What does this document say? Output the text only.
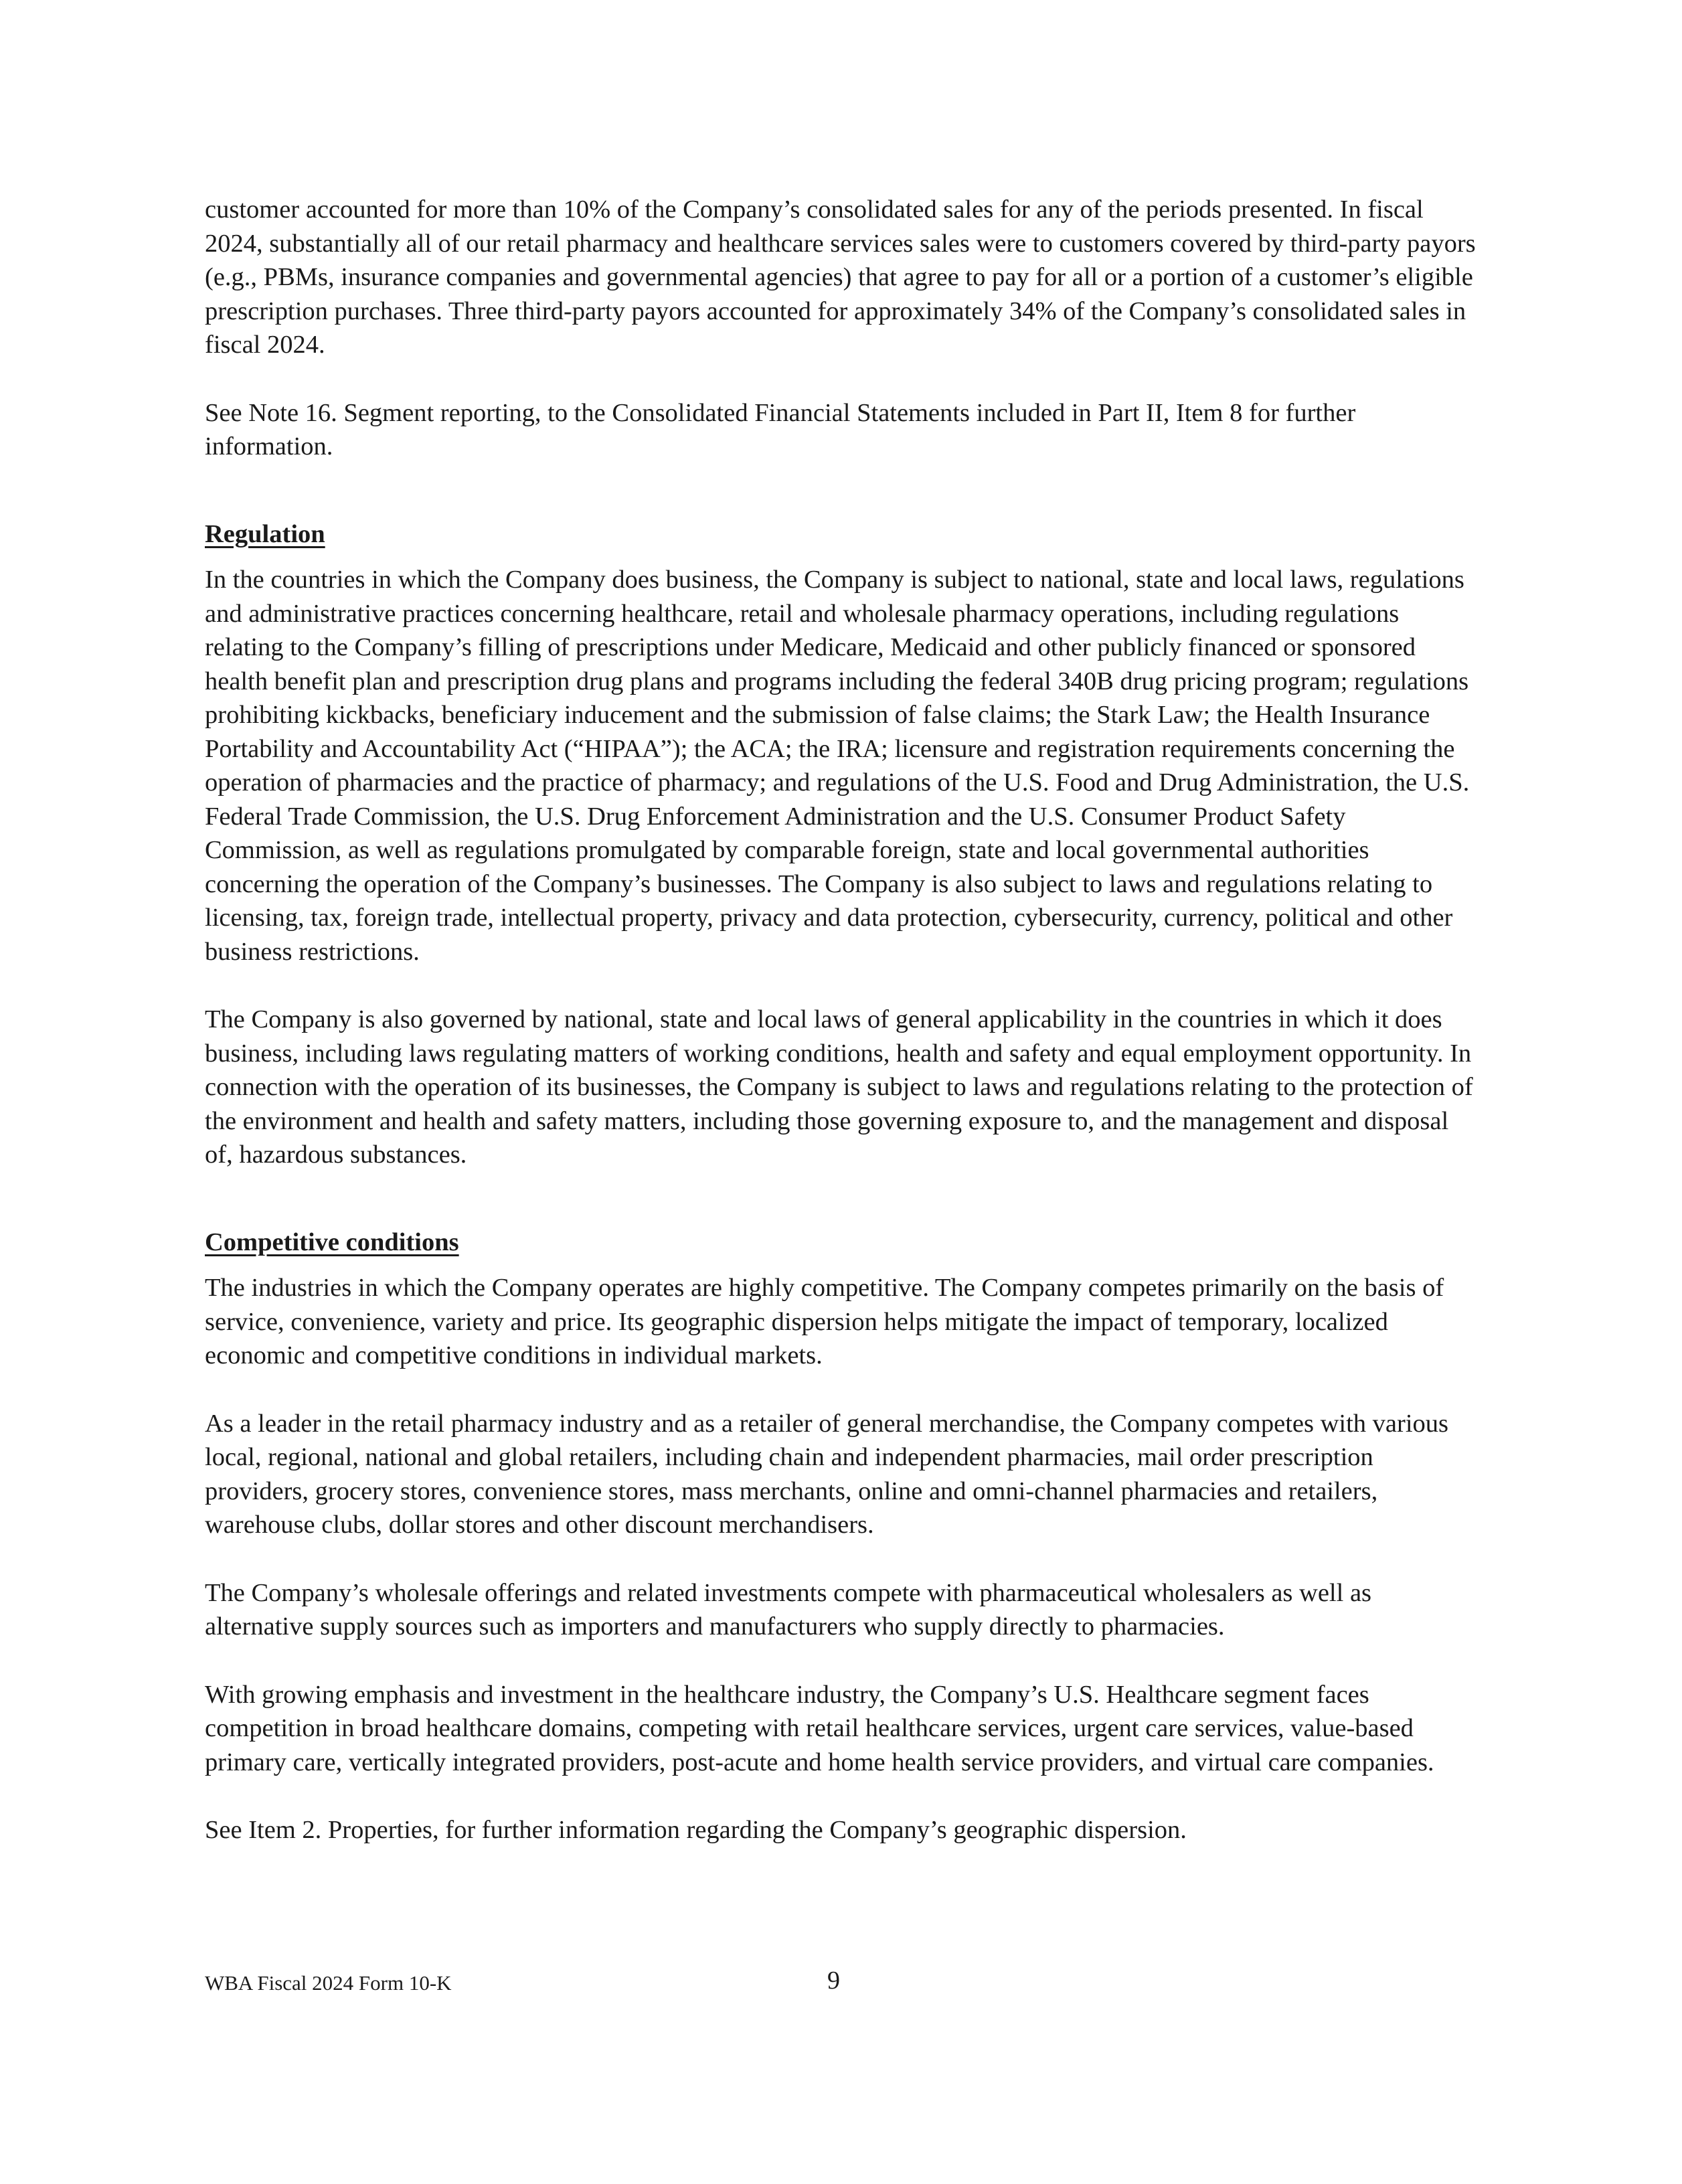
customer accounted for more than 10% of the Company’s consolidated sales for any of the periods presented. In fiscal 2024, substantially all of our retail pharmacy and healthcare services sales were to customers covered by third-party payors (e.g., PBMs, insurance companies and governmental agencies) that agree to pay for all or a portion of a customer’s eligible prescription purchases. Three third-party payors accounted for approximately 34% of the Company’s consolidated sales in fiscal 2024.

See Note 16. Segment reporting, to the Consolidated Financial Statements included in Part II, Item 8 for further information.

Regulation

In the countries in which the Company does business, the Company is subject to national, state and local laws, regulations and administrative practices concerning healthcare, retail and wholesale pharmacy operations, including regulations relating to the Company’s filling of prescriptions under Medicare, Medicaid and other publicly financed or sponsored health benefit plan and prescription drug plans and programs including the federal 340B drug pricing program; regulations prohibiting kickbacks, beneficiary inducement and the submission of false claims; the Stark Law; the Health Insurance Portability and Accountability Act (“HIPAA”); the ACA; the IRA; licensure and registration requirements concerning the operation of pharmacies and the practice of pharmacy; and regulations of the U.S. Food and Drug Administration, the U.S. Federal Trade Commission, the U.S. Drug Enforcement Administration and the U.S. Consumer Product Safety Commission, as well as regulations promulgated by comparable foreign, state and local governmental authorities concerning the operation of the Company’s businesses. The Company is also subject to laws and regulations relating to licensing, tax, foreign trade, intellectual property, privacy and data protection, cybersecurity, currency, political and other business restrictions.

The Company is also governed by national, state and local laws of general applicability in the countries in which it does business, including laws regulating matters of working conditions, health and safety and equal employment opportunity. In connection with the operation of its businesses, the Company is subject to laws and regulations relating to the protection of the environment and health and safety matters, including those governing exposure to, and the management and disposal of, hazardous substances.

Competitive conditions

The industries in which the Company operates are highly competitive. The Company competes primarily on the basis of service, convenience, variety and price. Its geographic dispersion helps mitigate the impact of temporary, localized economic and competitive conditions in individual markets.

As a leader in the retail pharmacy industry and as a retailer of general merchandise, the Company competes with various local, regional, national and global retailers, including chain and independent pharmacies, mail order prescription providers, grocery stores, convenience stores, mass merchants, online and omni-channel pharmacies and retailers, warehouse clubs, dollar stores and other discount merchandisers.

The Company’s wholesale offerings and related investments compete with pharmaceutical wholesalers as well as alternative supply sources such as importers and manufacturers who supply directly to pharmacies.

With growing emphasis and investment in the healthcare industry, the Company’s U.S. Healthcare segment faces competition in broad healthcare domains, competing with retail healthcare services, urgent care services, value-based primary care, vertically integrated providers, post-acute and home health service providers, and virtual care companies.

See Item 2. Properties, for further information regarding the Company’s geographic dispersion.

WBA Fiscal 2024 Form 10-K	9
